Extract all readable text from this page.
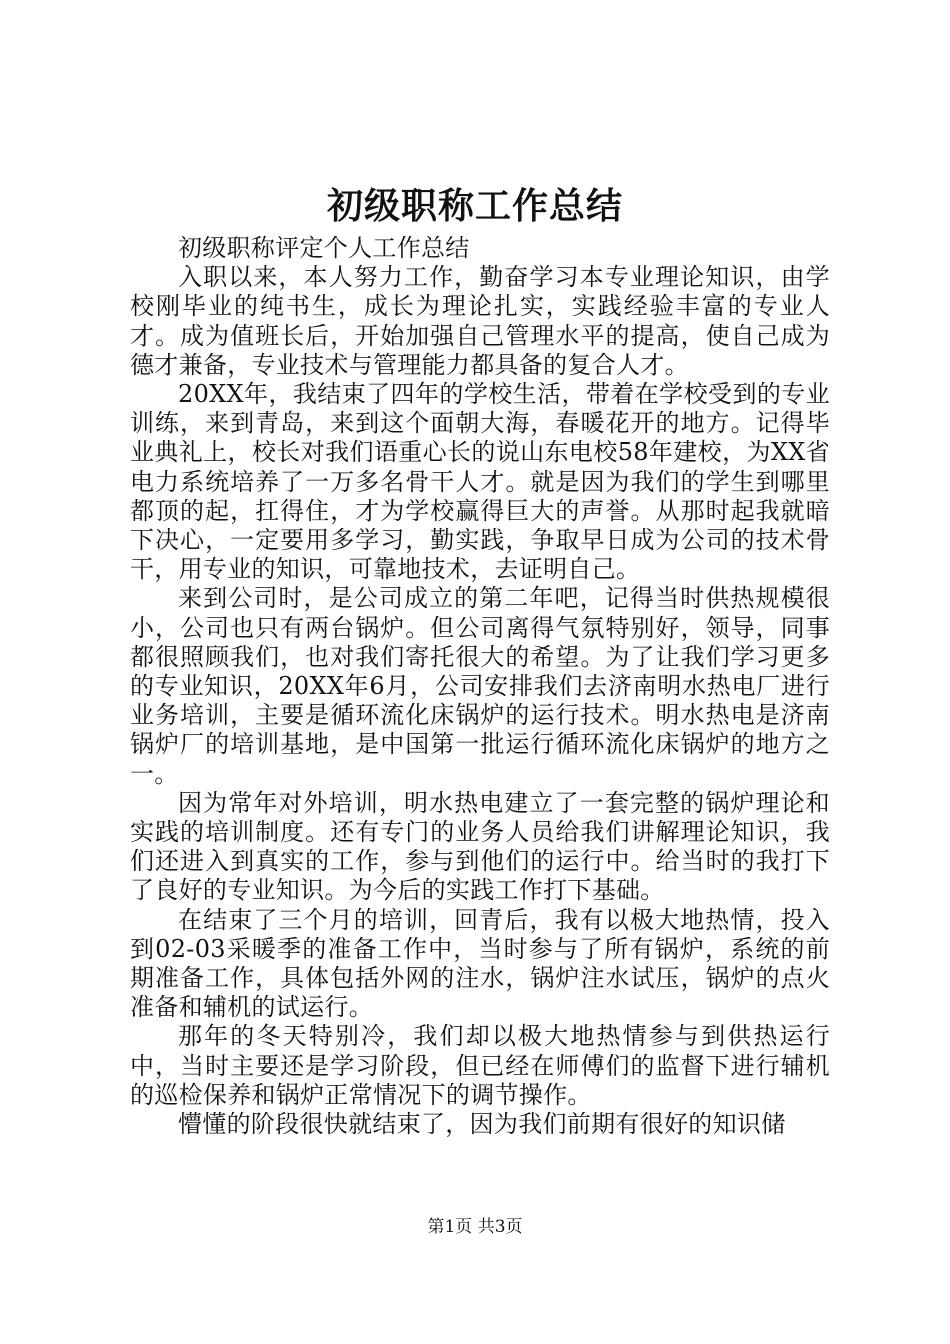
初级职称工作总结

初级职称评定个人工作总结

入职以来，本人努力工作，勤奋学习本专业理论知识，由学校刚毕业的纯书生，成长为理论扎实，实践经验丰富的专业人才。成为值班长后，开始加强自己管理水平的提高，使自己成为德才兼备，专业技术与管理能力都具备的复合人才。

20XX年，我结束了四年的学校生活，带着在学校受到的专业训练，来到青岛，来到这个面朝大海，春暖花开的地方。记得毕业典礼上，校长对我们语重心长的说山东电校58年建校，为XX省电力系统培养了一万多名骨干人才。就是因为我们的学生到哪里都顶的起，扛得住，才为学校赢得巨大的声誉。从那时起我就暗下决心，一定要用多学习，勤实践，争取早日成为公司的技术骨干，用专业的知识，可靠地技术，去证明自己。

来到公司时，是公司成立的第二年吧，记得当时供热规模很小，公司也只有两台锅炉。但公司离得气氛特别好，领导，同事都很照顾我们，也对我们寄托很大的希望。为了让我们学习更多的专业知识，20XX年6月，公司安排我们去济南明水热电厂进行业务培训，主要是循环流化床锅炉的运行技术。明水热电是济南锅炉厂的培训基地，是中国第一批运行循环流化床锅炉的地方之一。

因为常年对外培训，明水热电建立了一套完整的锅炉理论和实践的培训制度。还有专门的业务人员给我们讲解理论知识，我们还进入到真实的工作，参与到他们的运行中。给当时的我打下了良好的专业知识。为今后的实践工作打下基础。

在结束了三个月的培训，回青后，我有以极大地热情，投入到02-03采暖季的准备工作中，当时参与了所有锅炉，系统的前期准备工作，具体包括外网的注水，锅炉注水试压，锅炉的点火准备和辅机的试运行。

那年的冬天特别冷，我们却以极大地热情参与到供热运行中，当时主要还是学习阶段，但已经在师傅们的监督下进行辅机的巡检保养和锅炉正常情况下的调节操作。

懵懂的阶段很快就结束了，因为我们前期有很好的知识储

第1页 共3页
